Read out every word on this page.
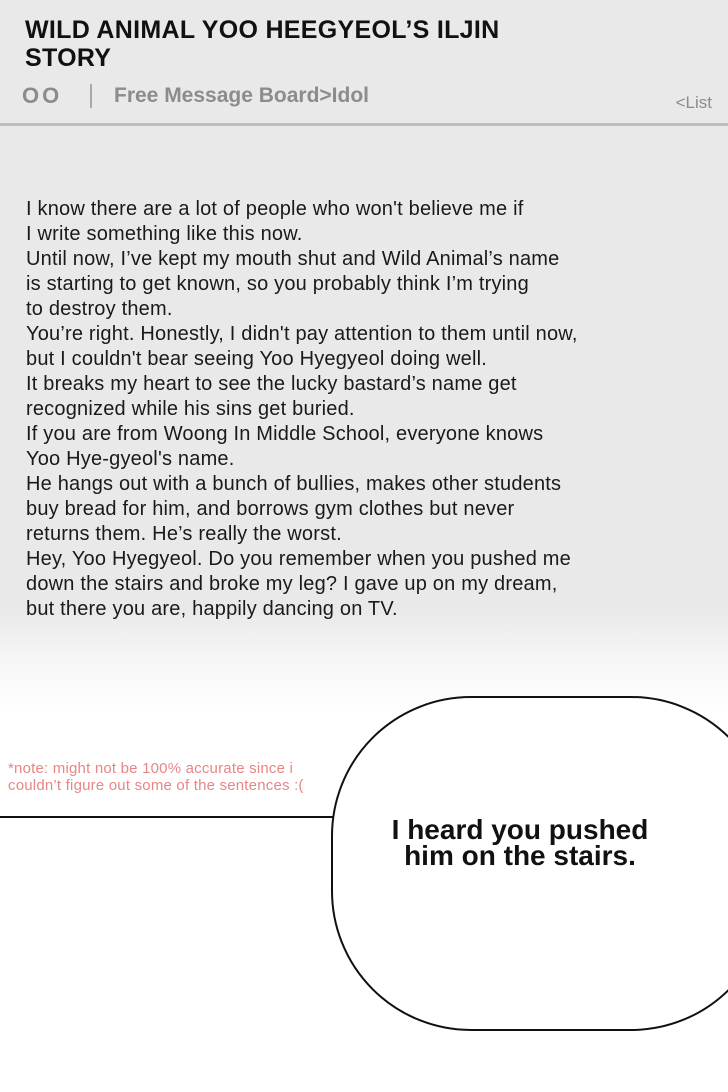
WILD ANIMAL YOO HEEGYEOL’S ILJIN STORY
OO	Free Message Board>Idol	<List

I know there are a lot of people who won't believe me if

I write something like this now.

Until now, I’ve kept my mouth shut and Wild Animal’s name

is starting to get known, so you probably think I’m trying

to destroy them.

You’re right. Honestly, I didn't pay attention to them until now,

but I couldn't bear seeing Yoo Hyegyeol doing well.

It breaks my heart to see the lucky bastard’s name get

recognized while his sins get buried.

If you are from Woong In Middle School, everyone knows

Yoo Hye-gyeol's name.

He hangs out with a bunch of bullies, makes other students

buy bread for him, and borrows gym clothes but never

returns them. He’s really the worst.

Hey, Yoo Hyegyeol. Do you remember when you pushed me

down the stairs and broke my leg? I gave up on my dream,

but there you are, happily dancing on TV.

*note: might not be 100% accurate since i couldn’t figure out some of the sentences :(
I heard you pushed
him on the stairs.
